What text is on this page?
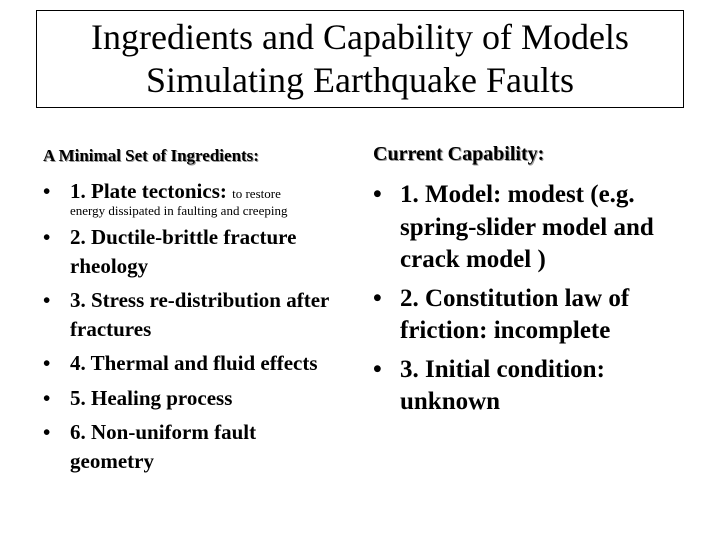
Ingredients and Capability of Models
Simulating Earthquake Faults
A Minimal Set of Ingredients:
• 1. Plate tectonics: to restore
energy dissipated in faulting and creeping
• 2. Ductile-brittle fracture rheology
• 3. Stress re-distribution after fractures
• 4. Thermal and fluid effects
• 5. Healing process
• 6. Non-uniform fault geometry
Current Capability:
• 1. Model: modest (e.g. spring-slider model and crack model )
• 2. Constitution law of friction: incomplete
• 3. Initial condition: unknown
